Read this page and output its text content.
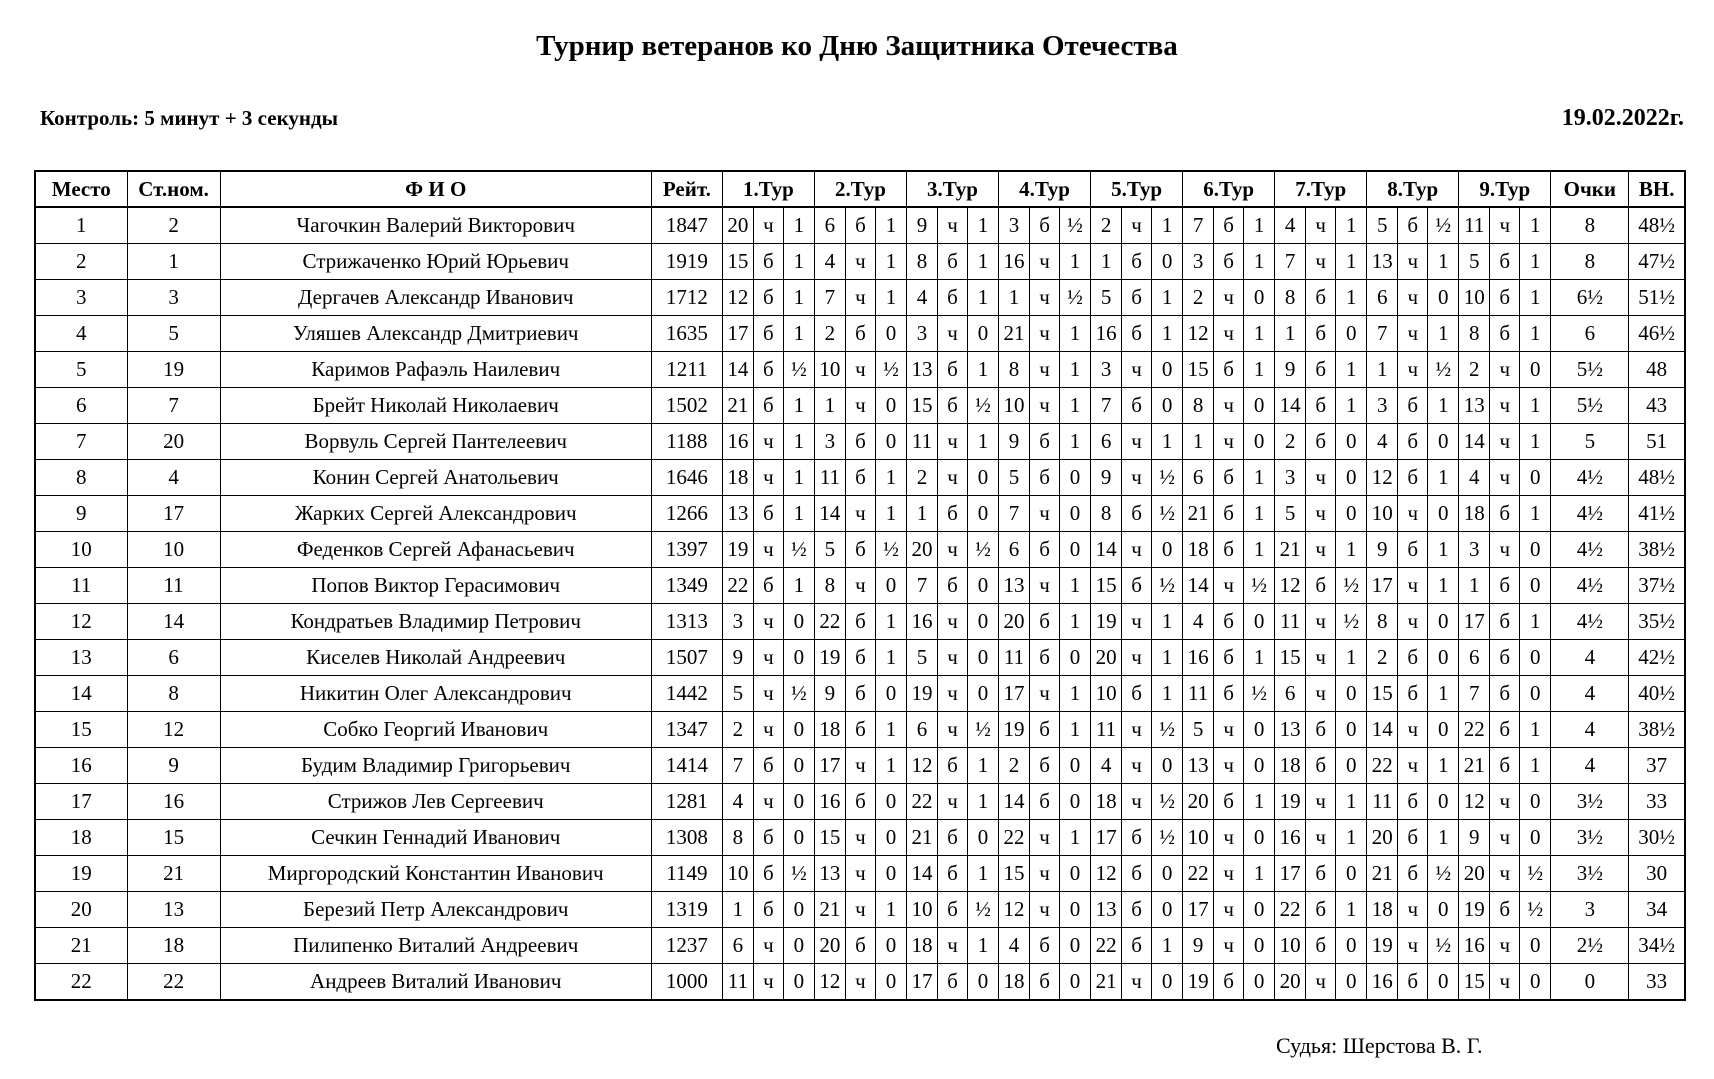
Турнир ветеранов ко Дню Защитника Отечества
Контроль: 5 минут + 3 секунды	19.02.2022г.
Место	Ст.ном.	Ф И О	Рейт.	1.Тур			2.Тур			3.Тур			4.Тур			5.Тур			6.Тур			7.Тур			8.Тур			9.Тур			Очки	ВН.
1	2	Чагочкин Валерий Викторович	1847	20	ч	1	6	б	1	9	ч	1	3	б	½	2	ч	1	7	б	1	4	ч	1	5	б	½	11	ч	1	8	48½
2	1	Стрижаченко Юрий Юрьевич	1919	15	б	1	4	ч	1	8	б	1	16	ч	1	1	б	0	3	б	1	7	ч	1	13	ч	1	5	б	1	8	47½
3	3	Дергачев Александр Иванович	1712	12	б	1	7	ч	1	4	б	1	1	ч	½	5	б	1	2	ч	0	8	б	1	6	ч	0	10	б	1	6½	51½
4	5	Уляшев Александр Дмитриевич	1635	17	б	1	2	б	0	3	ч	0	21	ч	1	16	б	1	12	ч	1	1	б	0	7	ч	1	8	б	1	6	46½
5	19	Каримов Рафаэль Наилевич	1211	14	б	½	10	ч	½	13	б	1	8	ч	1	3	ч	0	15	б	1	9	б	1	1	ч	½	2	ч	0	5½	48
6	7	Брейт Николай Николаевич	1502	21	б	1	1	ч	0	15	б	½	10	ч	1	7	б	0	8	ч	0	14	б	1	3	б	1	13	ч	1	5½	43
7	20	Ворвуль Сергей Пантелеевич	1188	16	ч	1	3	б	0	11	ч	1	9	б	1	6	ч	1	1	ч	0	2	б	0	4	б	0	14	ч	1	5	51
8	4	Конин Сергей Анатольевич	1646	18	ч	1	11	б	1	2	ч	0	5	б	0	9	ч	½	6	б	1	3	ч	0	12	б	1	4	ч	0	4½	48½
9	17	Жарких Сергей Александрович	1266	13	б	1	14	ч	1	1	б	0	7	ч	0	8	б	½	21	б	1	5	ч	0	10	ч	0	18	б	1	4½	41½
10	10	Феденков Сергей Афанасьевич	1397	19	ч	½	5	б	½	20	ч	½	6	б	0	14	ч	0	18	б	1	21	ч	1	9	б	1	3	ч	0	4½	38½
11	11	Попов Виктор Герасимович	1349	22	б	1	8	ч	0	7	б	0	13	ч	1	15	б	½	14	ч	½	12	б	½	17	ч	1	1	б	0	4½	37½
12	14	Кондратьев Владимир Петрович	1313	3	ч	0	22	б	1	16	ч	0	20	б	1	19	ч	1	4	б	0	11	ч	½	8	ч	0	17	б	1	4½	35½
13	6	Киселев Николай Андреевич	1507	9	ч	0	19	б	1	5	ч	0	11	б	0	20	ч	1	16	б	1	15	ч	1	2	б	0	6	б	0	4	42½
14	8	Никитин Олег Александрович	1442	5	ч	½	9	б	0	19	ч	0	17	ч	1	10	б	1	11	б	½	6	ч	0	15	б	1	7	б	0	4	40½
15	12	Собко Георгий Иванович	1347	2	ч	0	18	б	1	6	ч	½	19	б	1	11	ч	½	5	ч	0	13	б	0	14	ч	0	22	б	1	4	38½
16	9	Будим Владимир Григорьевич	1414	7	б	0	17	ч	1	12	б	1	2	б	0	4	ч	0	13	ч	0	18	б	0	22	ч	1	21	б	1	4	37
17	16	Стрижов Лев Сергеевич	1281	4	ч	0	16	б	0	22	ч	1	14	б	0	18	ч	½	20	б	1	19	ч	1	11	б	0	12	ч	0	3½	33
18	15	Сечкин Геннадий Иванович	1308	8	б	0	15	ч	0	21	б	0	22	ч	1	17	б	½	10	ч	0	16	ч	1	20	б	1	9	ч	0	3½	30½
19	21	Миргородский Константин Иванович	1149	10	б	½	13	ч	0	14	б	1	15	ч	0	12	б	0	22	ч	1	17	б	0	21	б	½	20	ч	½	3½	30
20	13	Березий Петр Александрович	1319	1	б	0	21	ч	1	10	б	½	12	ч	0	13	б	0	17	ч	0	22	б	1	18	ч	0	19	б	½	3	34
21	18	Пилипенко Виталий Андреевич	1237	6	ч	0	20	б	0	18	ч	1	4	б	0	22	б	1	9	ч	0	10	б	0	19	ч	½	16	ч	0	2½	34½
22	22	Андреев Виталий Иванович	1000	11	ч	0	12	ч	0	17	б	0	18	б	0	21	ч	0	19	б	0	20	ч	0	16	б	0	15	ч	0	0	33
Судья: Шерстова В. Г.
